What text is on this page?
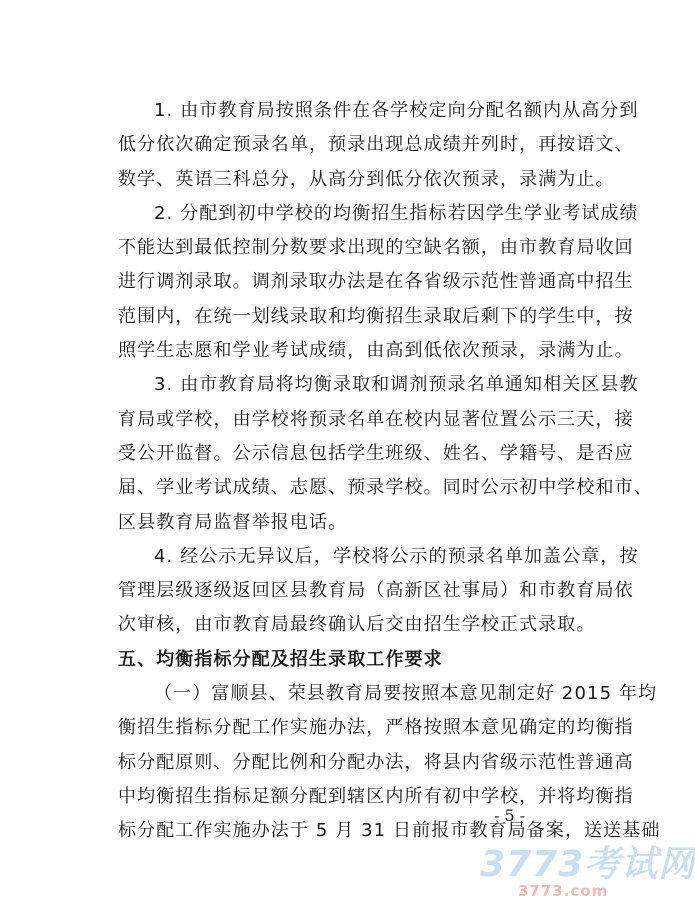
1. 由市教育局按照条件在各学校定向分配名额内从高分到
低分依次确定预录名单，预录出现总成绩并列时，再按语文、
数学、英语三科总分，从高分到低分依次预录，录满为止。

2. 分配到初中学校的均衡招生指标若因学生学业考试成绩
不能达到最低控制分数要求出现的空缺名额，由市教育局收回
进行调剂录取。调剂录取办法是在各省级示范性普通高中招生
范围内，在统一划线录取和均衡招生录取后剩下的学生中，按
照学生志愿和学业考试成绩，由高到低依次预录，录满为止。

3. 由市教育局将均衡录取和调剂预录名单通知相关区县教
育局或学校，由学校将预录名单在校内显著位置公示三天，接
受公开监督。公示信息包括学生班级、姓名、学籍号、是否应
届、学业考试成绩、志愿、预录学校。同时公示初中学校和市、
区县教育局监督举报电话。

4. 经公示无异议后，学校将公示的预录名单加盖公章，按
管理层级逐级返回区县教育局（高新区社事局）和市教育局依
次审核，由市教育局最终确认后交由招生学校正式录取。

五、均衡指标分配及招生录取工作要求

（一）富顺县、荣县教育局要按照本意见制定好 2015 年均
衡招生指标分配工作实施办法，严格按照本意见确定的均衡指
标分配原则、分配比例和分配办法，将县内省级示范性普通高
中均衡招生指标足额分配到辖区内所有初中学校，并将均衡指
标分配工作实施办法于 5 月 31 日前报市教育局备案，送送基础

- 5 -
3773考试网
3773.com
